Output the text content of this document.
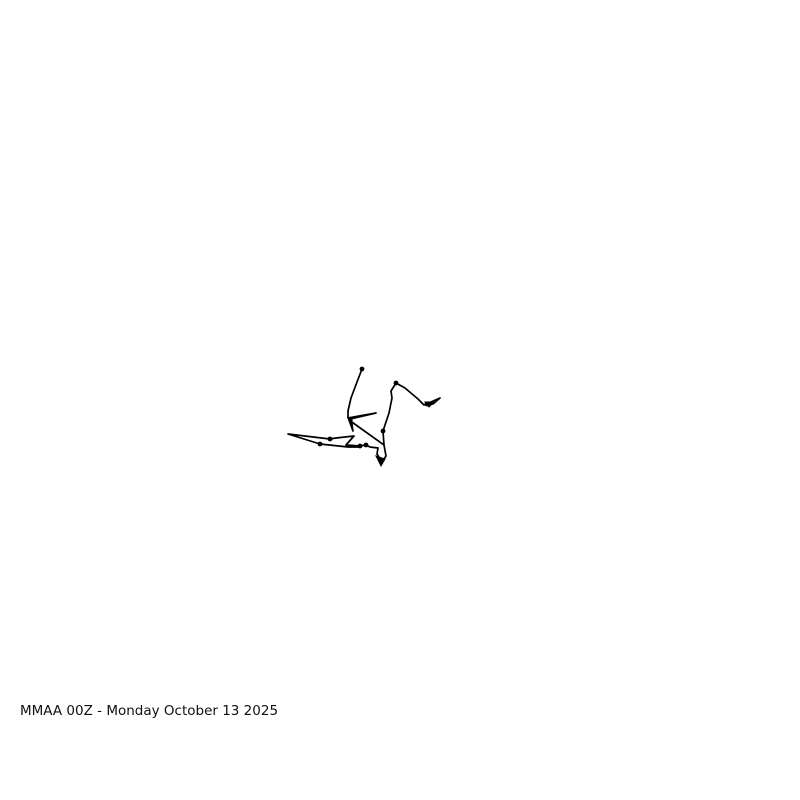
MMAA 00Z - Monday October 13 2025
